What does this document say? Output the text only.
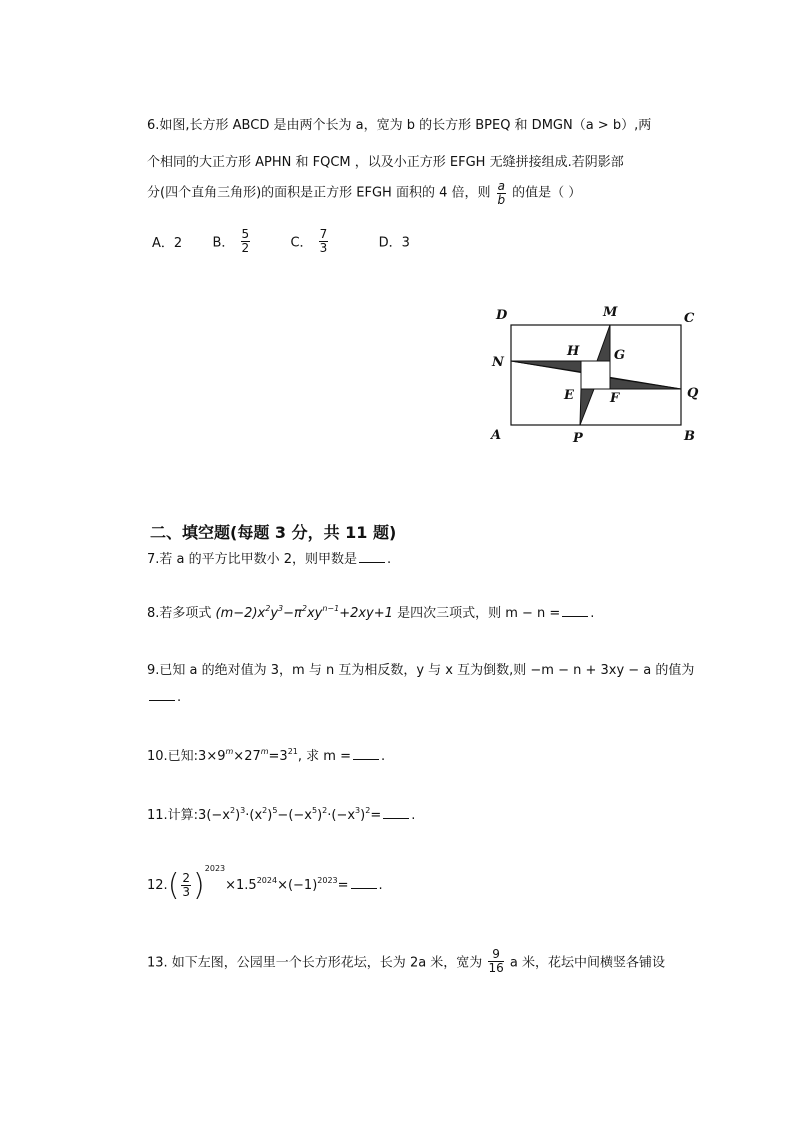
6.如图,长方形 ABCD 是由两个长为 a，宽为 b 的长方形 BPEQ 和 DMGN（a > b）,两
个相同的大正方形 APHN 和 FQCM ，以及小正方形 EFGH 无缝拼接组成.若阴影部
分(四个直角三角形)的面积是正方形 EFGH 面积的 4 倍，则 $\frac{a}{b}$ 的值是（ ）
A．2 B． $\frac{5}{2}$	C． $\frac{7}{3}$	D．3
D	M	C
N
H	G
Q
E	F
A	P	B
二、填空题(每题 3 分，共 11 题)
7.若 a 的平方比甲数小 2，则甲数是 .
8.若多项式 $(m-2)x^2y^3-\pi^2xy^{n-1}+2xy+1$ 是四次三项式，则 m − n = .
9.已知 a 的绝对值为 3，m 与 n 互为相反数，y 与 x 互为倒数,则 −m − n + 3xy − a 的值为
.
10.已知$:3\times 9^m\times 27^m=3^{21}$, 求 m = .
11.计算$:3(-x^2)^3\cdot(x^2)^5-(-x^5)^2\cdot(-x^3)^2=$ .
$12.( \frac{2}{3} )^{2023}\times 1.5^{2024}\times(-1)^{2023}=$ .
13. 如下左图，公园里一个长方形花坛，长为 2a 米，宽为 $\frac{9}{16}$ a 米，花坛中间横竖各铺设
